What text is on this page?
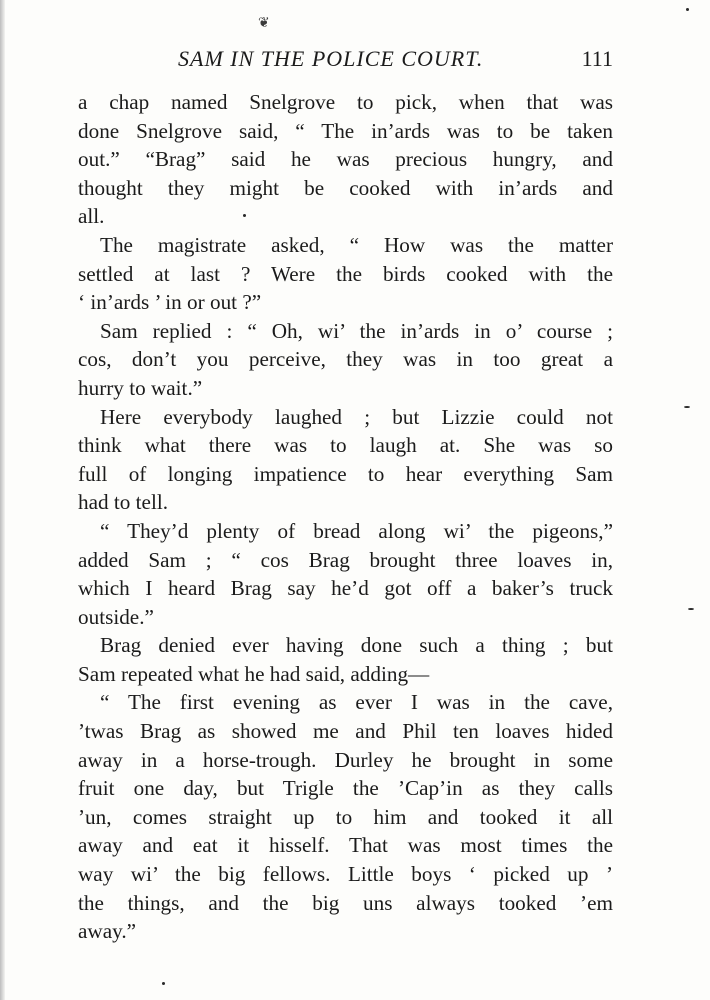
❦
SAM IN THE POLICE COURT.	111
a chap named Snelgrove to pick, when that was
done Snelgrove said, “ The in’ards was to be taken
out.” “Brag” said he was precious hungry, and
thought they might be cooked with in’ards and
all.
The magistrate asked, “ How was the matter
settled at last ? Were the birds cooked with the
‘ in’ards ’ in or out ?”
Sam replied : “ Oh, wi’ the in’ards in o’ course ;
cos, don’t you perceive, they was in too great a
hurry to wait.”
Here everybody laughed ; but Lizzie could not
think what there was to laugh at. She was so
full of longing impatience to hear everything Sam
had to tell.
“ They’d plenty of bread along wi’ the pigeons,”
added Sam ; “ cos Brag brought three loaves in,
which I heard Brag say he’d got off a baker’s truck
outside.”
Brag denied ever having done such a thing ; but
Sam repeated what he had said, adding—
“ The first evening as ever I was in the cave,
’twas Brag as showed me and Phil ten loaves hided
away in a horse-trough. Durley he brought in some
fruit one day, but Trigle the ’Cap’in as they calls
’un, comes straight up to him and tooked it all
away and eat it hisself. That was most times the
way wi’ the big fellows. Little boys ‘ picked up ’
the things, and the big uns always tooked ’em
away.”
